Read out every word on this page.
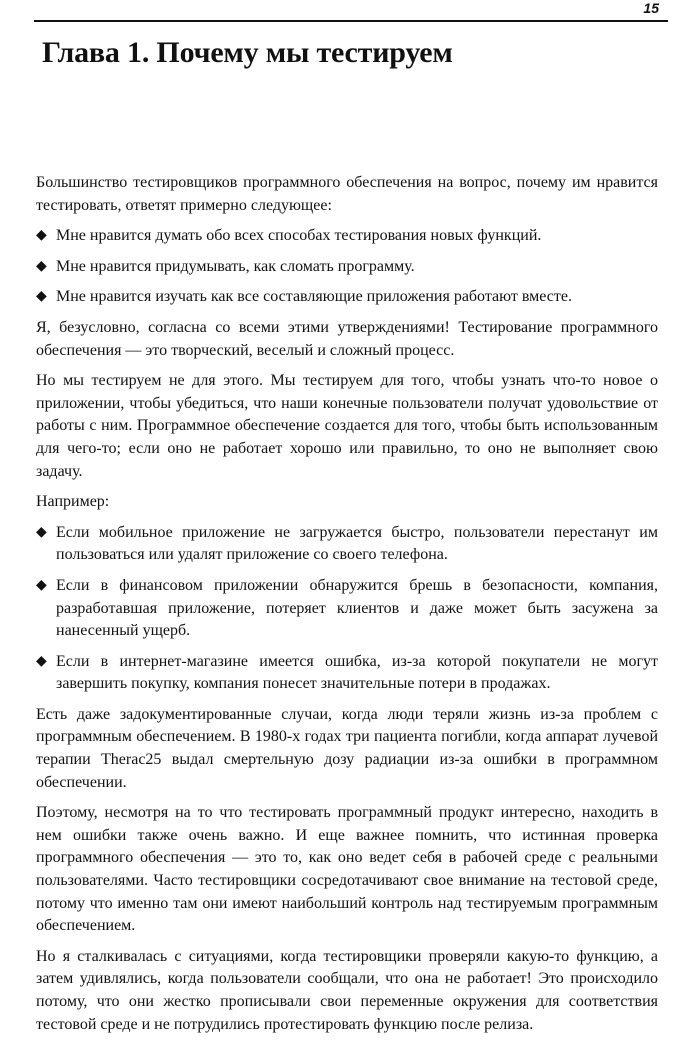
15
Глава 1. Почему мы тестируем

Большинство тестировщиков программного обеспечения на вопрос, почему им нравится тестировать, ответят примерно следующее:

◆ Мне нравится думать обо всех способах тестирования новых функций.
◆ Мне нравится придумывать, как сломать программу.
◆ Мне нравится изучать как все составляющие приложения работают вместе.

Я, безусловно, согласна со всеми этими утверждениями! Тестирование программного обеспечения — это творческий, веселый и сложный процесс.

Но мы тестируем не для этого. Мы тестируем для того, чтобы узнать что-то новое о приложении, чтобы убедиться, что наши конечные пользователи получат удовольствие от работы с ним. Программное обеспечение создается для того, чтобы быть использованным для чего-то; если оно не работает хорошо или правильно, то оно не выполняет свою задачу.

Например:

◆ Если мобильное приложение не загружается быстро, пользователи перестанут им пользоваться или удалят приложение со своего телефона.
◆ Если в финансовом приложении обнаружится брешь в безопасности, компания, разработавшая приложение, потеряет клиентов и даже может быть засужена за нанесенный ущерб.
◆ Если в интернет-магазине имеется ошибка, из-за которой покупатели не могут завершить покупку, компания понесет значительные потери в продажах.

Есть даже задокументированные случаи, когда люди теряли жизнь из-за проблем с программным обеспечением. В 1980-х годах три пациента погибли, когда аппарат лучевой терапии Therac25 выдал смертельную дозу радиации из-за ошибки в программном обеспечении.

Поэтому, несмотря на то что тестировать программный продукт интересно, находить в нем ошибки также очень важно. И еще важнее помнить, что истинная проверка программного обеспечения — это то, как оно ведет себя в рабочей среде с реальными пользователями. Часто тестировщики сосредотачивают свое внимание на тестовой среде, потому что именно там они имеют наибольший контроль над тестируемым программным обеспечением.

Но я сталкивалась с ситуациями, когда тестировщики проверяли какую-то функцию, а затем удивлялись, когда пользователи сообщали, что она не работает! Это происходило потому, что они жестко прописывали свои переменные окружения для соответствия тестовой среде и не потрудились протестировать функцию после релиза.
